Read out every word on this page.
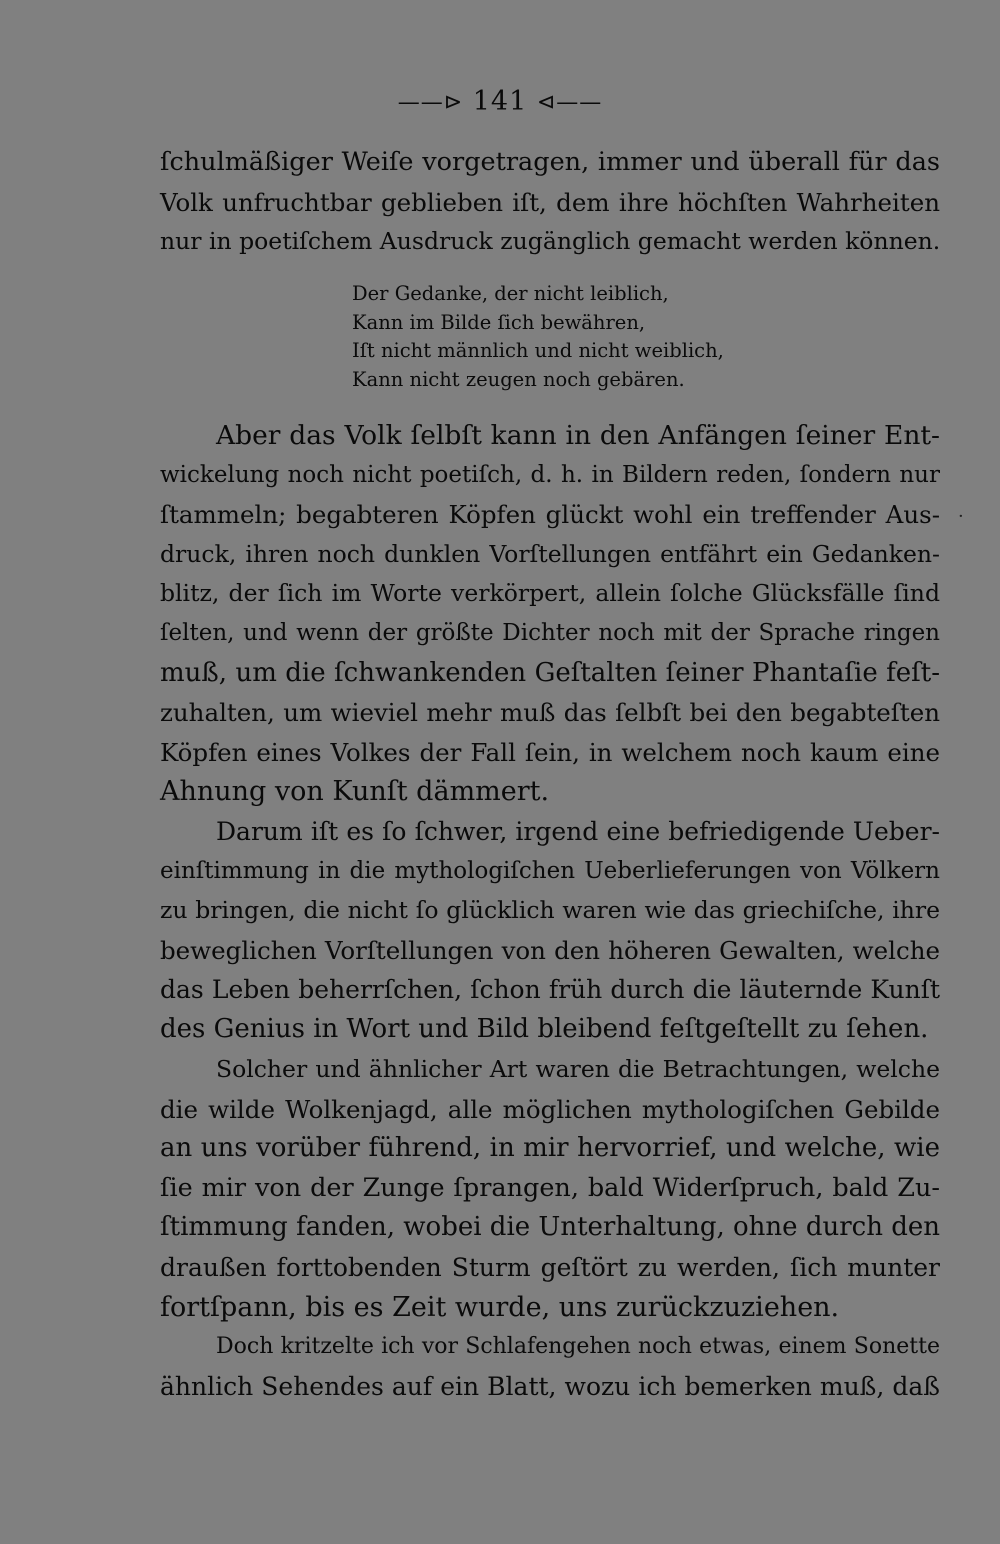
——⊳ 141 ⊲——
ſchulmäßiger Weiſe vorgetragen, immer und überall für das
Volk unfruchtbar geblieben iſt, dem ihre höchſten Wahrheiten
nur in poetiſchem Ausdruck zugänglich gemacht werden können.
Der Gedanke, der nicht leiblich,
Kann im Bilde ſich bewähren,
Iſt nicht männlich und nicht weiblich,
Kann nicht zeugen noch gebären.
Aber das Volk ſelbſt kann in den Anfängen ſeiner Ent-
wickelung noch nicht poetiſch, d. h. in Bildern reden, ſondern nur
ſtammeln; begabteren Köpfen glückt wohl ein treffender Aus-
druck, ihren noch dunklen Vorſtellungen entfährt ein Gedanken-
blitz, der ſich im Worte verkörpert, allein ſolche Glücksfälle ſind
ſelten, und wenn der größte Dichter noch mit der Sprache ringen
muß, um die ſchwankenden Geſtalten ſeiner Phantaſie feſt-
zuhalten, um wieviel mehr muß das ſelbſt bei den begabteſten
Köpfen eines Volkes der Fall ſein, in welchem noch kaum eine
Ahnung von Kunſt dämmert.
Darum iſt es ſo ſchwer, irgend eine befriedigende Ueber-
einſtimmung in die mythologiſchen Ueberlieferungen von Völkern
zu bringen, die nicht ſo glücklich waren wie das griechiſche, ihre
beweglichen Vorſtellungen von den höheren Gewalten, welche
das Leben beherrſchen, ſchon früh durch die läuternde Kunſt
des Genius in Wort und Bild bleibend feſtgeſtellt zu ſehen.
Solcher und ähnlicher Art waren die Betrachtungen, welche
die wilde Wolkenjagd, alle möglichen mythologiſchen Gebilde
an uns vorüber führend, in mir hervorrief, und welche, wie
ſie mir von der Zunge ſprangen, bald Widerſpruch, bald Zu-
ſtimmung fanden, wobei die Unterhaltung, ohne durch den
draußen forttobenden Sturm geſtört zu werden, ſich munter
fortſpann, bis es Zeit wurde, uns zurückzuziehen.
Doch kritzelte ich vor Schlafengehen noch etwas, einem Sonette
ähnlich Sehendes auf ein Blatt, wozu ich bemerken muß, daß
·
